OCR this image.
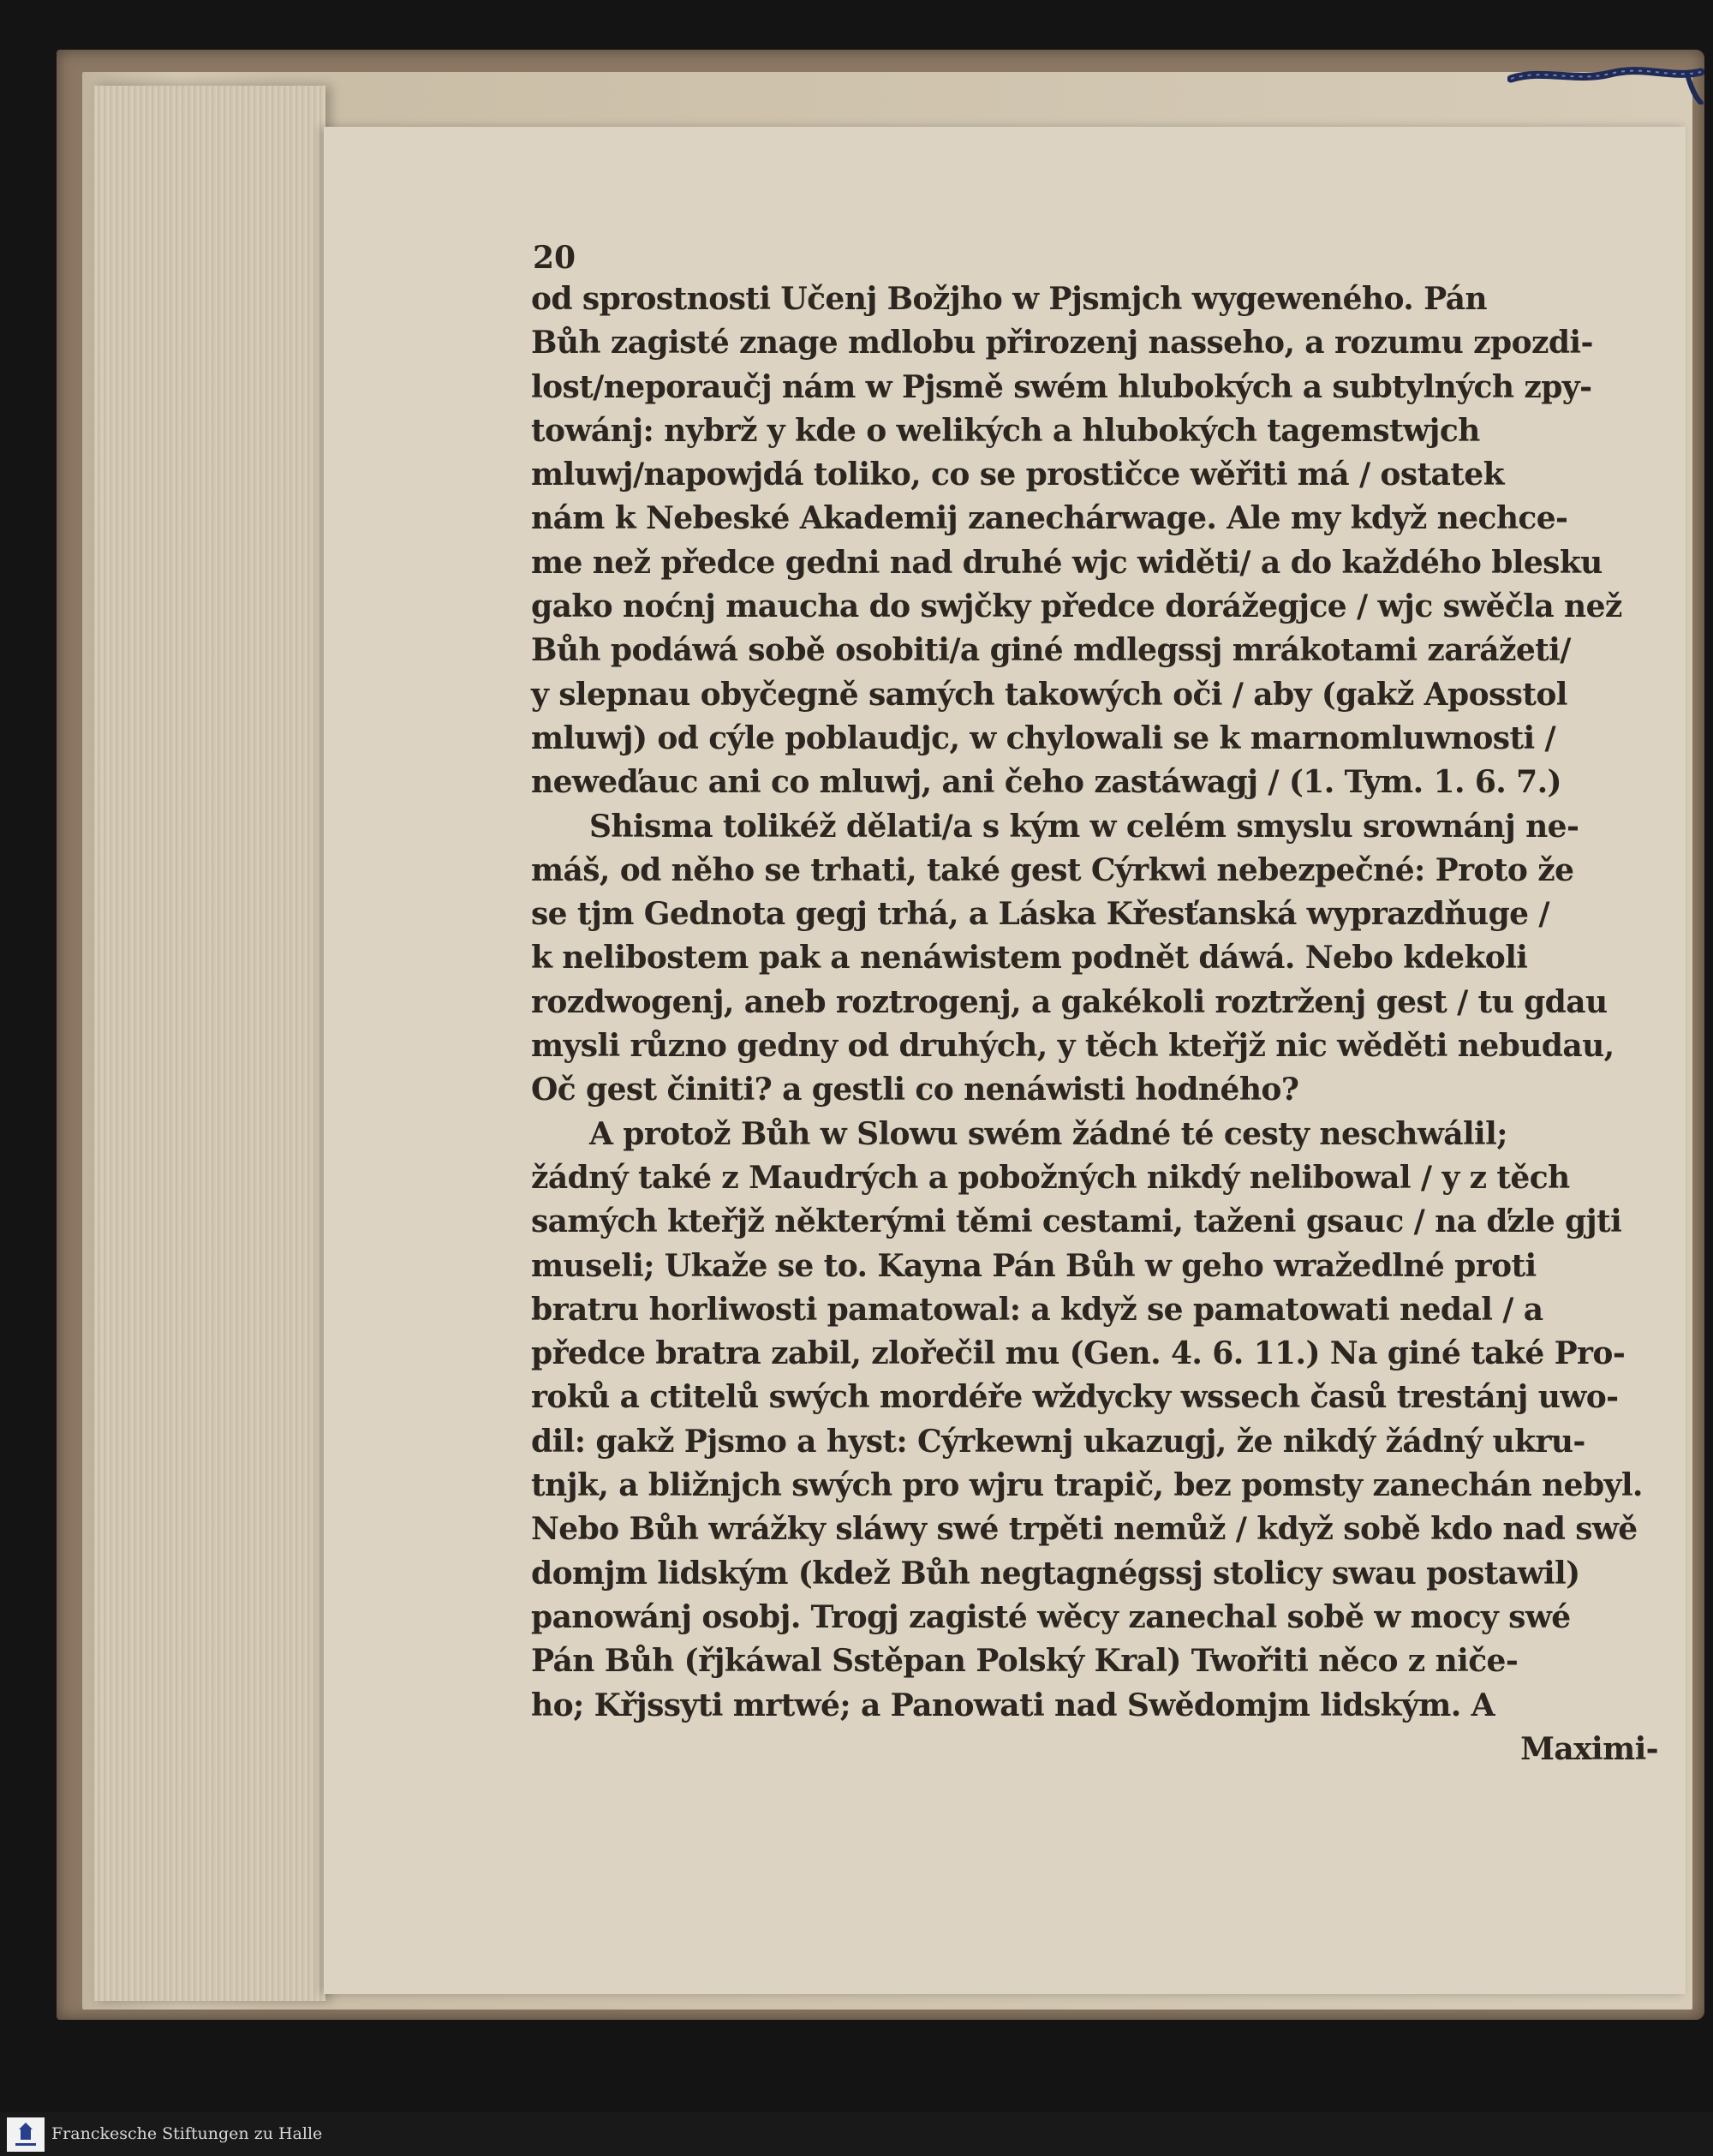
20
od sprostnosti Učenj Božjho w Pjsmjch wygeweného. Pán
Bůh zagisté znage mdlobu přirozenj nasseho, a rozumu zpozdi-
lost/neporaučj nám w Pjsmě swém hlubokých a subtylných zpy-
towánj: nybrž y kde o welikých a hlubokých tagemstwjch
mluwj/napowjdá toliko, co se prostičce wěřiti má / ostatek
nám k Nebeské Akademij zanechárwage. Ale my když nechce-
me než předce gedni nad druhé wjc widěti/ a do každého blesku
gako noćnj maucha do swjčky předce dorážegjce / wjc swěčla než
Bůh podáwá sobě osobiti/a giné mdlegssj mrákotami zarážeti/
y slepnau obyčegně samých takowých oči / aby (gakž Aposstol
mluwj) od cýle poblaudjc, w chylowali se k marnomluwnosti /
neweďauc ani co mluwj, ani čeho zastáwagj / (1. Tym. 1. 6. 7.)
Shisma tolikéž dělati/a s kým w celém smyslu srownánj ne-
máš, od něho se trhati, také gest Cýrkwi nebezpečné: Proto že
se tjm Gednota gegj trhá, a Láska Křesťanská wyprazdňuge /
k nelibostem pak a nenáwistem podnět dáwá. Nebo kdekoli
rozdwogenj, aneb roztrogenj, a gakékoli roztrženj gest / tu gdau
mysli různo gedny od druhých, y těch kteřjž nic wěděti nebudau,
Oč gest činiti? a gestli co nenáwisti hodného?
A protož Bůh w Slowu swém žádné té cesty neschwálil;
žádný také z Maudrých a pobožných nikdý nelibowal / y z těch
samých kteřjž některými těmi cestami, taženi gsauc / na ďzle gjti
museli; Ukaže se to. Kayna Pán Bůh w geho wražedlné proti
bratru horliwosti pamatowal: a když se pamatowati nedal / a
předce bratra zabil, zlořečil mu (Gen. 4. 6. 11.) Na giné také Pro-
roků a ctitelů swých mordéře wždycky wssech časů trestánj uwo-
dil: gakž Pjsmo a hyst: Cýrkewnj ukazugj, že nikdý žádný ukru-
tnjk, a bližnjch swých pro wjru trapič, bez pomsty zanechán nebyl.
Nebo Bůh wrážky sláwy swé trpěti nemůž / když sobě kdo nad swě
domjm lidským (kdež Bůh negtagnégssj stolicy swau postawil)
panowánj osobj. Trogj zagisté wěcy zanechal sobě w mocy swé
Pán Bůh (řjkáwal Sstěpan Polský Kral) Twořiti něco z niče-
ho; Křjssyti mrtwé; a Panowati nad Swědomjm lidským. A
Maximi-
Franckesche Stiftungen zu Halle
